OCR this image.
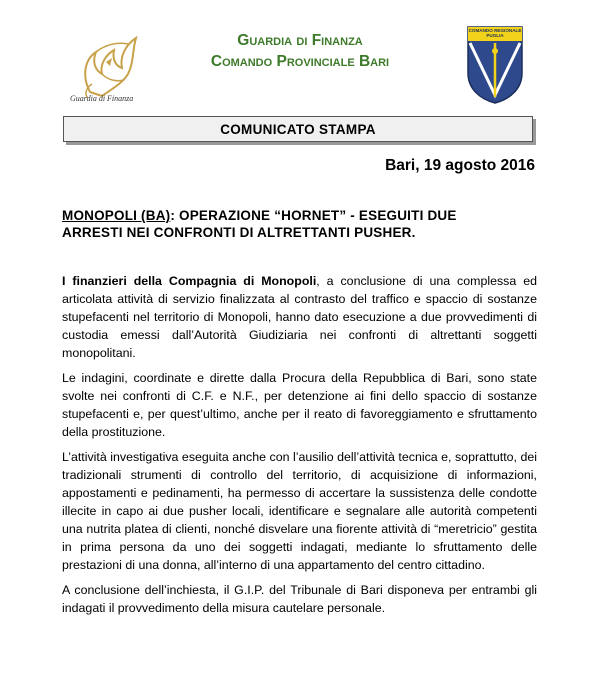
Guardia di Finanza
Guardia di Finanza
Comando Provinciale Bari
COMANDO REGIONALE
PUGLIA
COMUNICATO STAMPA
Bari, 19 agosto 2016
MONOPOLI (BA): OPERAZIONE “HORNET” - ESEGUITI DUE
ARRESTI NEI CONFRONTI DI ALTRETTANTI PUSHER.

I finanzieri della Compagnia di Monopoli, a conclusione di una complessa ed articolata attività di servizio finalizzata al contrasto del traffico e spaccio di sostanze stupefacenti nel territorio di Monopoli, hanno dato esecuzione a due provvedimenti di custodia emessi dall’Autorità Giudiziaria nei confronti di altrettanti soggetti monopolitani.

Le indagini, coordinate e dirette dalla Procura della Repubblica di Bari, sono state svolte nei confronti di C.F. e N.F., per detenzione ai fini dello spaccio di sostanze stupefacenti e, per quest’ultimo, anche per il reato di favoreggiamento e sfruttamento della prostituzione.

L’attività investigativa eseguita anche con l’ausilio dell’attività tecnica e, soprattutto, dei tradizionali strumenti di controllo del territorio, di acquisizione di informazioni, appostamenti e pedinamenti, ha permesso di accertare la sussistenza delle condotte illecite in capo ai due pusher locali, identificare e segnalare alle autorità competenti una nutrita platea di clienti, nonché disvelare una fiorente attività di “meretricio” gestita in prima persona da uno dei soggetti indagati, mediante lo sfruttamento delle prestazioni di una donna, all’interno di una appartamento del centro cittadino.

A conclusione dell’inchiesta, il G.I.P. del Tribunale di Bari disponeva per entrambi gli indagati il provvedimento della misura cautelare personale.
